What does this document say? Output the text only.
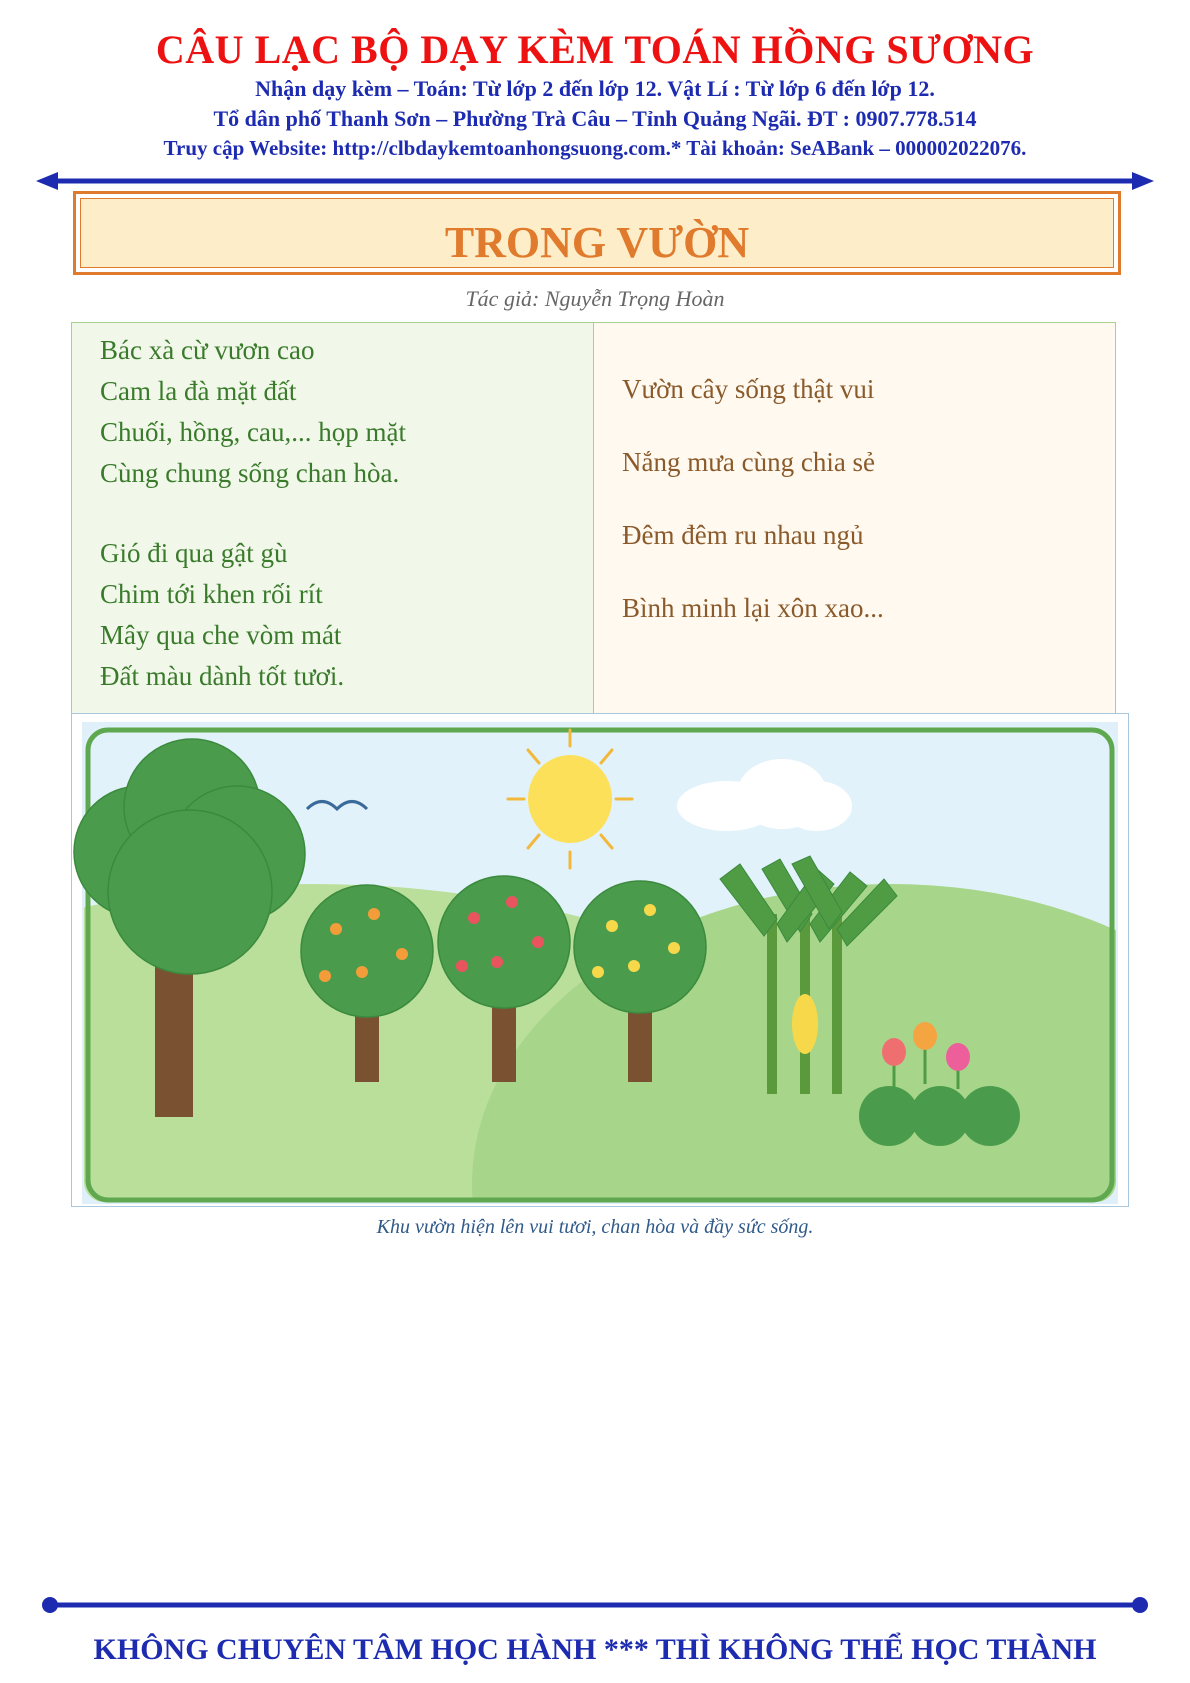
CÂU LẠC BỘ DẠY KÈM TOÁN HỒNG SƯƠNG
Nhận dạy kèm – Toán: Từ lớp 2 đến lớp 12. Vật Lí : Từ lớp 6 đến lớp 12.
Tổ dân phố Thanh Sơn – Phường Trà Câu – Tỉnh Quảng Ngãi. ĐT : 0907.778.514
Truy cập Website: http://clbdaykemtoanhongsuong.com.* Tài khoản: SeABank – 000002022076.
TRONG VƯỜN
Tác giả: Nguyễn Trọng Hoàn
Bác xà cừ vươn cao
Cam la đà mặt đất
Chuối, hồng, cau,... họp mặt
Cùng chung sống chan hòa.
Gió đi qua gật gù
Chim tới khen rối rít
Mây qua che vòm mát
Đất màu dành tốt tươi.
Vườn cây sống thật vui
Nắng mưa cùng chia sẻ
Đêm đêm ru nhau ngủ
Bình minh lại xôn xao...
Khu vườn hiện lên vui tươi, chan hòa và đầy sức sống.
KHÔNG CHUYÊN TÂM HỌC HÀNH *** THÌ KHÔNG THỂ HỌC THÀNH
